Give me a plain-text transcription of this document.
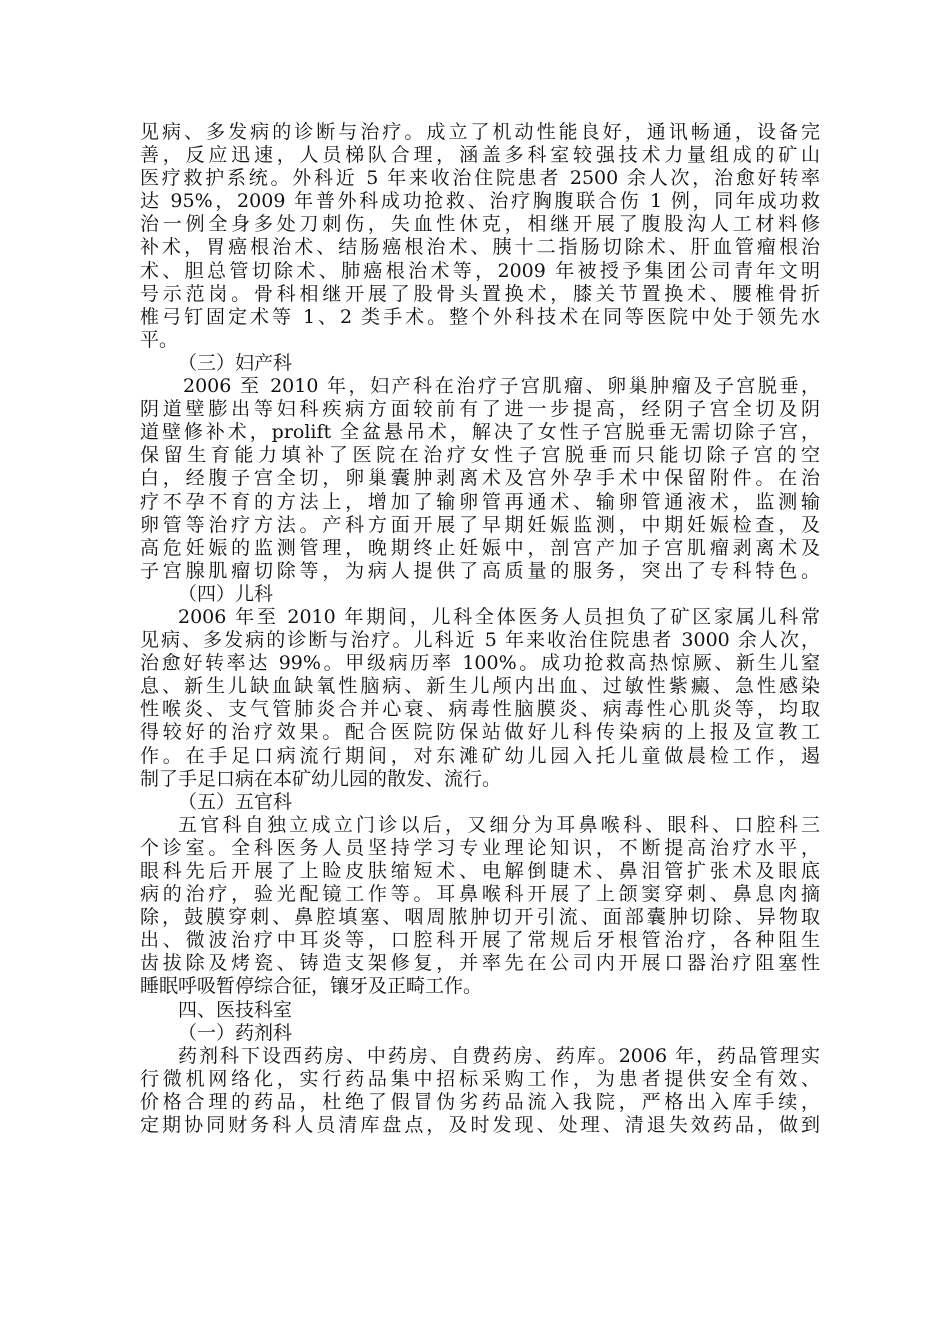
见病、多发病的诊断与治疗。成立了机动性能良好，通讯畅通，设备完
善，反应迅速，人员梯队合理，涵盖多科室较强技术力量组成的矿山
医疗救护系统。外科近 5 年来收治住院患者 2500 余人次，治愈好转率
达 95%，2009 年普外科成功抢救、治疗胸腹联合伤 1 例，同年成功救
治一例全身多处刀刺伤，失血性休克，相继开展了腹股沟人工材料修
补术，胃癌根治术、结肠癌根治术、胰十二指肠切除术、肝血管瘤根治
术、胆总管切除术、肺癌根治术等，2009 年被授予集团公司青年文明
号示范岗。骨科相继开展了股骨头置换术，膝关节置换术、腰椎骨折
椎弓钉固定术等 1、2 类手术。整个外科技术在同等医院中处于领先水
平。
（三）妇产科
2006 至 2010 年，妇产科在治疗子宫肌瘤、卵巢肿瘤及子宫脱垂，
阴道壁膨出等妇科疾病方面较前有了进一步提高，经阴子宫全切及阴
道壁修补术，prolift 全盆悬吊术，解决了女性子宫脱垂无需切除子宫，
保留生育能力填补了医院在治疗女性子宫脱垂而只能切除子宫的空
白，经腹子宫全切，卵巢囊肿剥离术及宫外孕手术中保留附件。在治
疗不孕不育的方法上，增加了输卵管再通术、输卵管通液术，监测输
卵管等治疗方法。产科方面开展了早期妊娠监测，中期妊娠检查，及
高危妊娠的监测管理，晚期终止妊娠中，剖宫产加子宫肌瘤剥离术及
子宫腺肌瘤切除等，为病人提供了高质量的服务，突出了专科特色。
（四）儿科
2006 年至 2010 年期间，儿科全体医务人员担负了矿区家属儿科常
见病、多发病的诊断与治疗。儿科近 5 年来收治住院患者 3000 余人次，
治愈好转率达 99%。甲级病历率 100%。成功抢救高热惊厥、新生儿窒
息、新生儿缺血缺氧性脑病、新生儿颅内出血、过敏性紫癜、急性感染
性喉炎、支气管肺炎合并心衰、病毒性脑膜炎、病毒性心肌炎等，均取
得较好的治疗效果。配合医院防保站做好儿科传染病的上报及宣教工
作。在手足口病流行期间，对东滩矿幼儿园入托儿童做晨检工作，遏
制了手足口病在本矿幼儿园的散发、流行。
（五）五官科
五官科自独立成立门诊以后，又细分为耳鼻喉科、眼科、口腔科三
个诊室。全科医务人员坚持学习专业理论知识，不断提高治疗水平，
眼科先后开展了上睑皮肤缩短术、电解倒睫术、鼻泪管扩张术及眼底
病的治疗，验光配镜工作等。耳鼻喉科开展了上颌窦穿刺、鼻息肉摘
除，鼓膜穿刺、鼻腔填塞、咽周脓肿切开引流、面部囊肿切除、异物取
出、微波治疗中耳炎等，口腔科开展了常规后牙根管治疗，各种阻生
齿拔除及烤瓷、铸造支架修复，并率先在公司内开展口器治疗阻塞性
睡眠呼吸暂停综合征，镶牙及正畸工作。
四、医技科室
（一）药剂科
药剂科下设西药房、中药房、自费药房、药库。2006 年，药品管理实
行微机网络化，实行药品集中招标采购工作，为患者提供安全有效、
价格合理的药品，杜绝了假冒伪劣药品流入我院，严格出入库手续，
定期协同财务科人员清库盘点，及时发现、处理、清退失效药品，做到
